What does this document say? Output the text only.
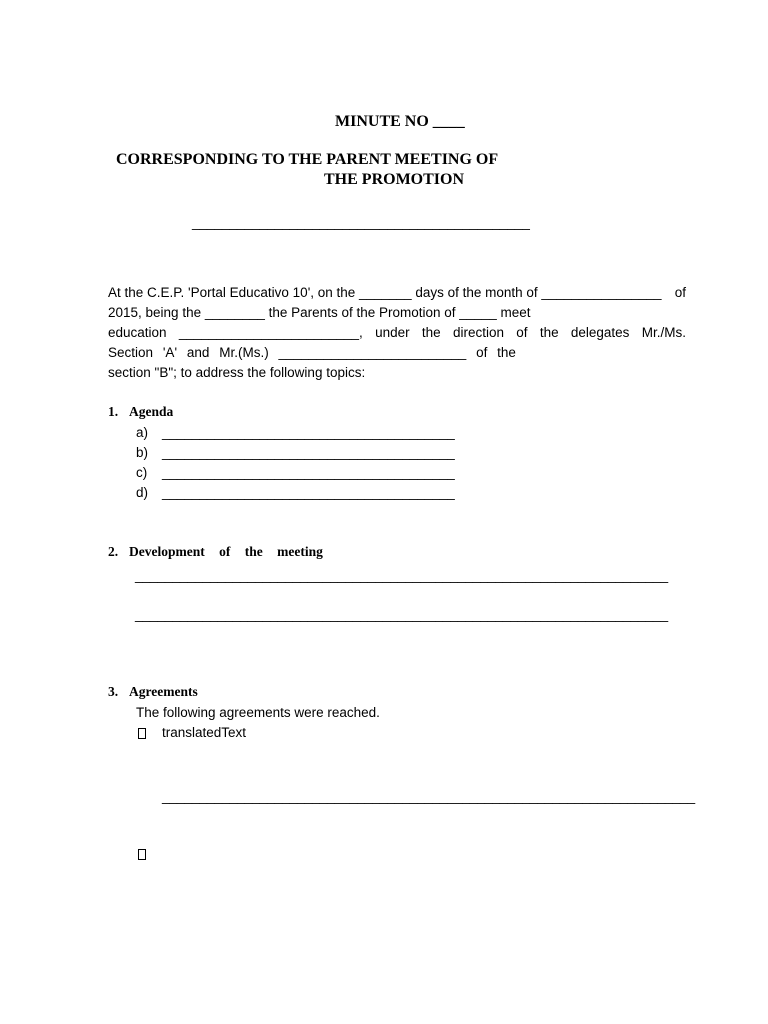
MINUTE NO ____
CORRESPONDING TO THE PARENT MEETING OF
THE PROMOTION
_____________________________________________
At the C.E.P. 'Portal Educativo 10', on the _______ days of the month of ________________ of
2015, being the ________ the Parents of the Promotion of _____ meet
education ________________________, under the direction of the delegates Mr./Ms.
Section 'A' and Mr.(Ms.) _________________________ of the
section "B"; to address the following topics:
1. Agenda
a) _______________________________________
b) _______________________________________
c) _______________________________________
d) _______________________________________
2. Development of the meeting
_______________________________________________________________________
_______________________________________________________________________
3. Agreements
The following agreements were reached.
translatedText
_______________________________________________________________________
